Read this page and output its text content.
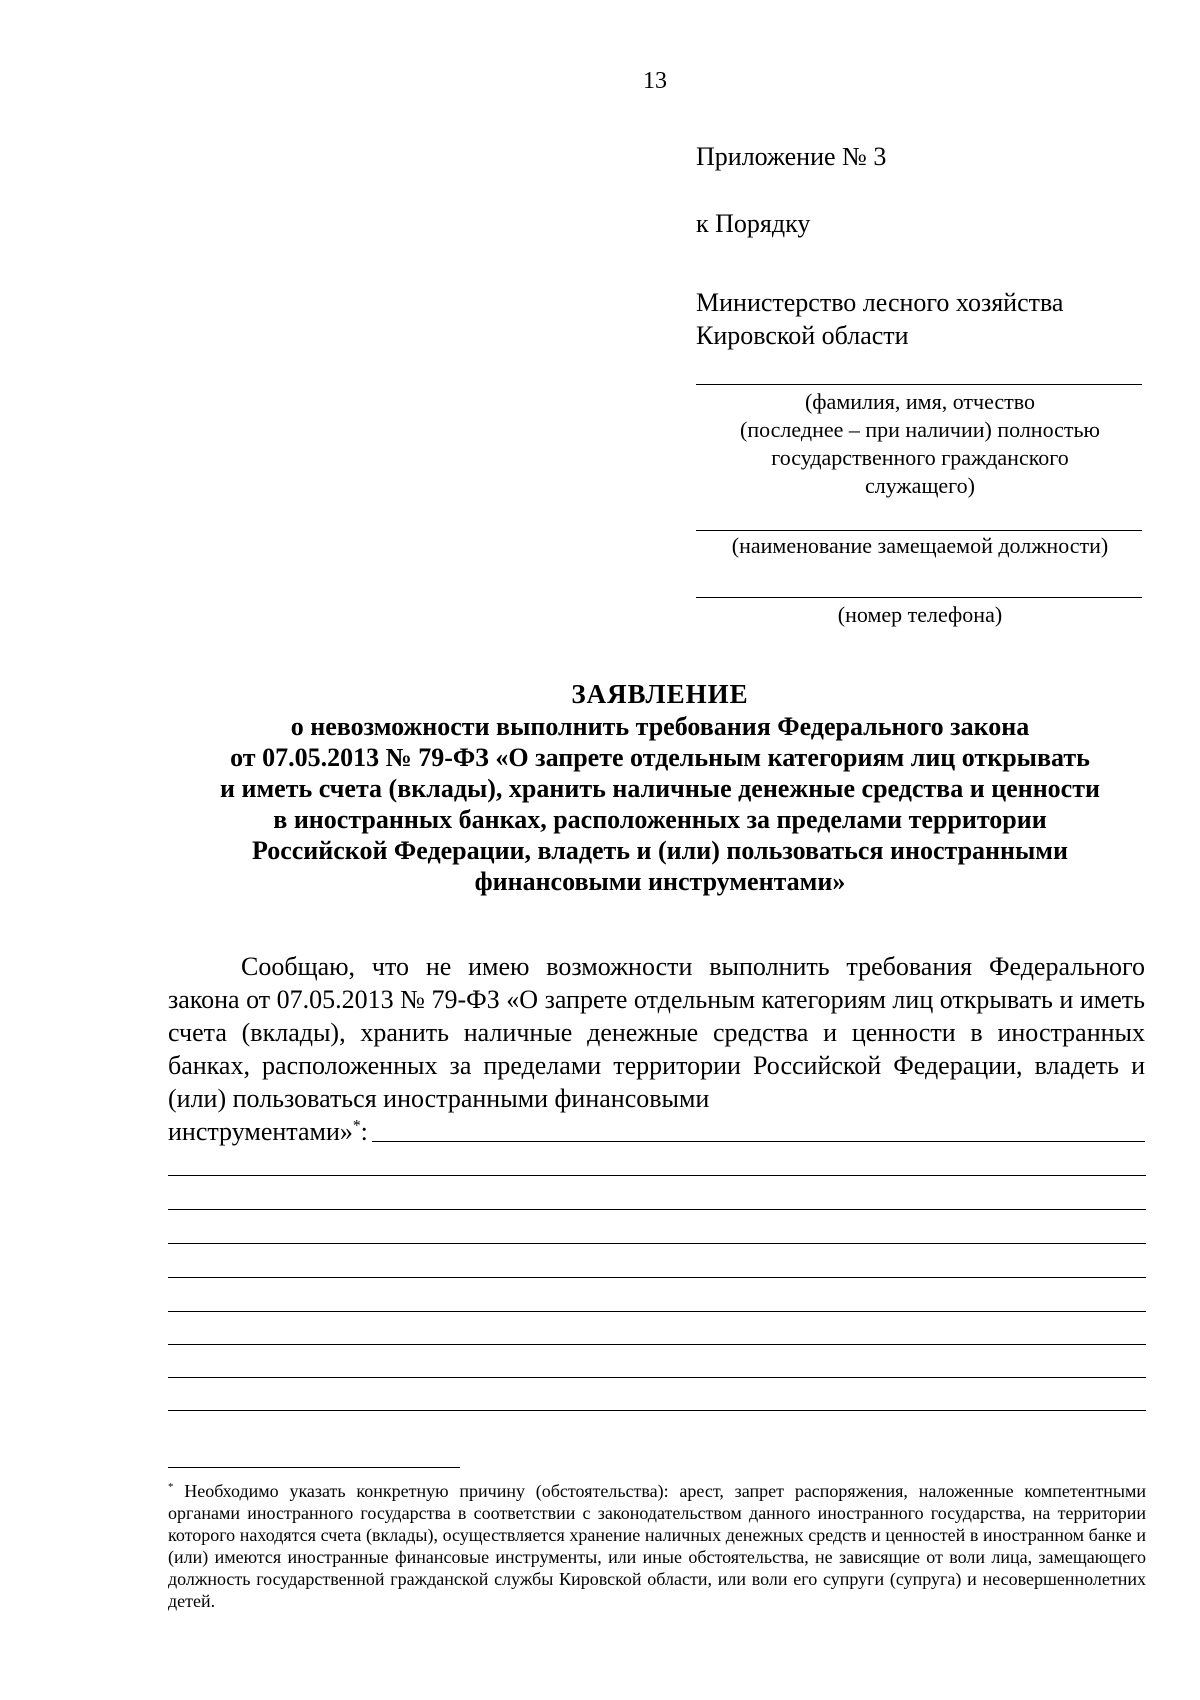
13
Приложение № 3
к Порядку
Министерство лесного хозяйства
Кировской области
(фамилия, имя, отчество
(последнее – при наличии) полностью
государственного гражданского
служащего)
(наименование замещаемой должности)
(номер телефона)
ЗАЯВЛЕНИЕ
о невозможности выполнить требования Федерального закона
от 07.05.2013 № 79-ФЗ «О запрете отдельным категориям лиц открывать
и иметь счета (вклады), хранить наличные денежные средства и ценности
в иностранных банках, расположенных за пределами территории
Российской Федерации, владеть и (или) пользоваться иностранными
финансовыми инструментами»

Сообщаю, что не имею возможности выполнить требования Федерального закона от 07.05.2013 № 79-ФЗ «О запрете отдельным категориям лиц открывать и иметь счета (вклады), хранить наличные денежные средства и ценности в иностранных банках, расположенных за пределами территории Российской Федерации, владеть и (или) пользоваться иностранными финансовыми

инструментами»*:
* Необходимо указать конкретную причину (обстоятельства): арест, запрет распоряжения, наложенные компетентными органами иностранного государства в соответствии с законодательством данного иностранного государства, на территории которого находятся счета (вклады), осуществляется хранение наличных денежных средств и ценностей в иностранном банке и (или) имеются иностранные финансовые инструменты, или иные обстоятельства, не зависящие от воли лица, замещающего должность государственной гражданской службы Кировской области, или воли его супруги (супруга) и несовершеннолетних детей.
